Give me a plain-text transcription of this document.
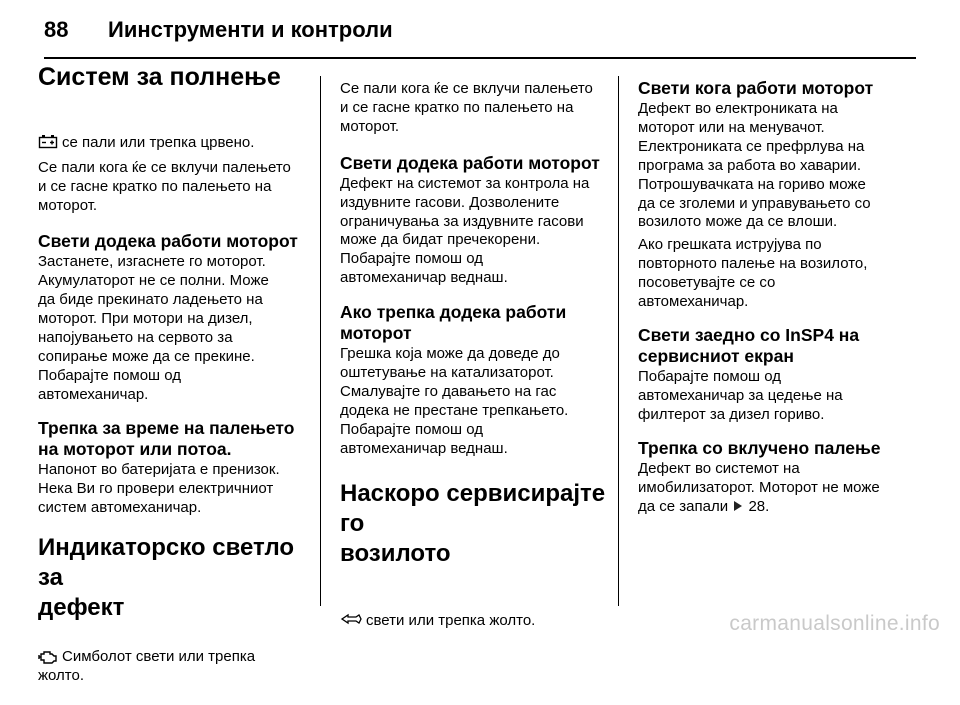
88	Иинструменти и контроли
Систем за полнење

се пали или трепка црвено.

Се пали кога ќе се вклучи палењето
и се гасне кратко по палењето на
моторот.

Свети додека работи моторот

Застанете, изгаснете го моторот.
Акумулаторот не се полни. Може
да биде прекинато ладењето на
моторот. При мотори на дизел,
напојувањето на сервото за
сопирање може да се прекине.
Побарајте помош од
автомеханичар.

Трепка за време на палењето
на моторот или потоа.

Напонот во батеријата е пренизок.
Нека Ви го провери електричниот
систем автомеханичар.

Индикаторско светло за
дефект

Симболот свети или трепка
жолто.

Се пали кога ќе се вклучи палењето
и се гасне кратко по палењето на
моторот.

Свети додека работи моторот

Дефект на системот за контрола на
издувните гасови. Дозволените
ограничувања за издувните гасови
може да бидат пречекорени.
Побарајте помош од
автомеханичар веднаш.

Ако трепка додека работи
моторот

Грешка која може да доведе до
оштетување на катализаторот.
Смалувајте го давањето на гас
додека не престане трепкањето.
Побарајте помош од
автомеханичар веднаш.

Наскоро сервисирајте го
возилото

свети или трепка жолто.

Свети кога работи моторот

Дефект во електрониката на
моторот или на менувачот.
Електрониката се префрлува на
програма за работа во хаварии.
Потрошувачката на гориво може
да се зголеми и управувањето со
возилото може да се влоши.

Ако грешката иструјува по
повторното палење на возилото,
посоветувајте се со
автомеханичар.

Свети заедно со InSP4 на
сервисниот екран

Побарајте помош од
автомеханичар за цедење на
филтерот за дизел гориво.

Трепка со вклучено палење

Дефект во системот на
имобилизаторот. Моторот не може
да се запали 28.

carmanualsonline.info
